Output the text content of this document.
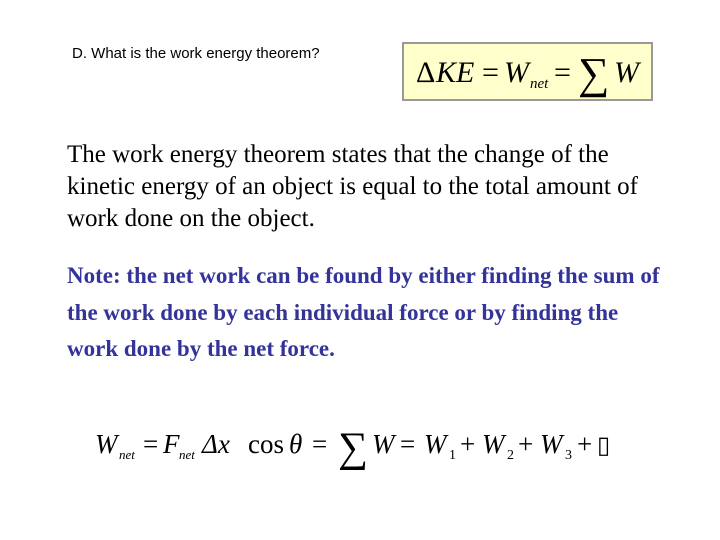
D. What is the work energy theorem?
Δ KE = W net = ∑ W
The work energy theorem states that the change of the kinetic energy of an object is equal to the total amount of work done on the object.
Note: the net work can be found by either finding the sum of the work done by each individual force or by finding the work done by the net force.
W net = F net Δx cos θ = ∑ W = W 1 + W 2 + W 3 + ▯
